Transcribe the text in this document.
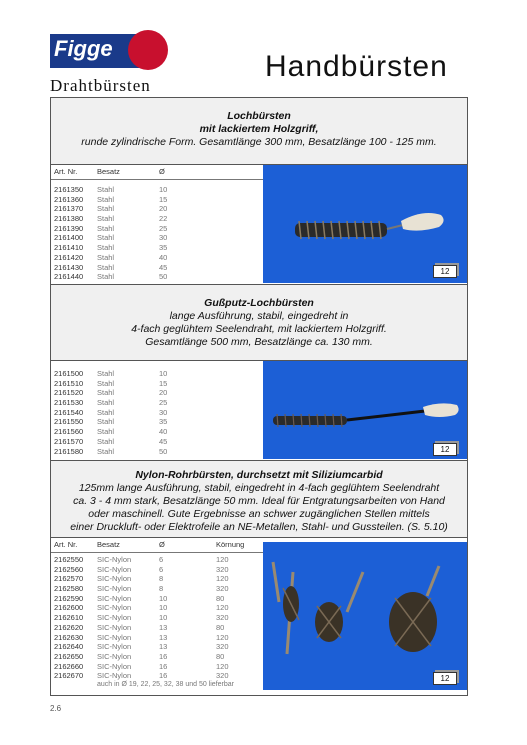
Figge
Drahtbürsten
Handbürsten
Lochbürsten
mit lackiertem Holzgriff,
runde zylindrische Form. Gesamtlänge 300 mm, Besatzlänge 100 - 125 mm.
Art. Nr.	Besatz	Ø
2161350 Stahl	10
2161360 Stahl	15
2161370 Stahl	20
2161380 Stahl	22
2161390 Stahl	25
2161400 Stahl	30
2161410 Stahl	35
2161420 Stahl	40
2161430 Stahl	45
2161440 Stahl	50
12
Gußputz-Lochbürsten
lange Ausführung, stabil, eingedreht in
4-fach geglühtem Seelendraht, mit lackiertem Holzgriff.
Gesamtlänge 500 mm, Besatzlänge ca. 130 mm.
2161500 Stahl	10
2161510 Stahl	15
2161520 Stahl	20
2161530 Stahl	25
2161540 Stahl	30
2161550 Stahl	35
2161560 Stahl	40
2161570 Stahl	45
2161580 Stahl	50	12
Nylon-Rohrbürsten, durchsetzt mit Siliziumcarbid
125mm lange Ausführung, stabil, eingedreht in 4-fach geglühtem Seelendraht
ca. 3 - 4 mm stark, Besatzlänge 50 mm. Ideal für Entgratungsarbeiten von Hand
oder maschinell. Gute Ergebnisse an schwer zugänglichen Stellen mittels
einer Druckluft- oder Elektrofeile an NE-Metallen, Stahl- und Gussteilen. (S. 5.10)
Art. Nr.	Besatz	Ø	Körnung
2162550 SIC-Nylon	6	120
2162560 SIC-Nylon	6	320
2162570 SIC-Nylon	8	120
2162580 SIC-Nylon	8	320
2162590 SIC-Nylon	10	80
2162600 SIC-Nylon	10	120
2162610 SIC-Nylon	10	320
2162620 SIC-Nylon	13	80
2162630 SIC-Nylon	13	120
2162640 SIC-Nylon	13	320
2162650 SIC-Nylon	16	80
2162660 SIC-Nylon	16	120
2162670 SIC-Nylon	16	320
auch in Ø 19, 22, 25, 32, 38 und 50 lieferbar
12
2.6
